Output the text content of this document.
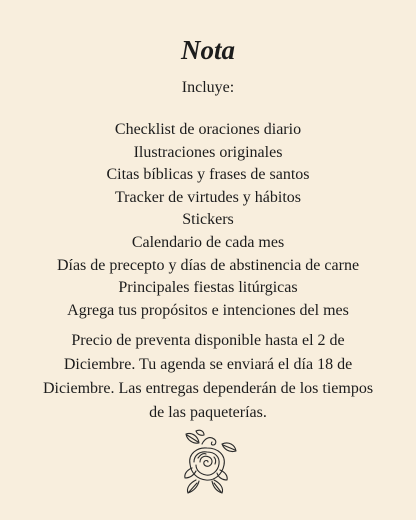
Nota

Incluye:

Checklist de oraciones diario
Ilustraciones originales
Citas bíblicas y frases de santos
Tracker de virtudes y hábitos
Stickers
Calendario de cada mes
Días de precepto y días de abstinencia de carne
Principales fiestas litúrgicas
Agrega tus propósitos e intenciones del mes
Precio de preventa disponible hasta el 2 de
Diciembre. Tu agenda se enviará el día 18 de
Diciembre. Las entregas dependerán de los tiempos
de las paqueterías.
